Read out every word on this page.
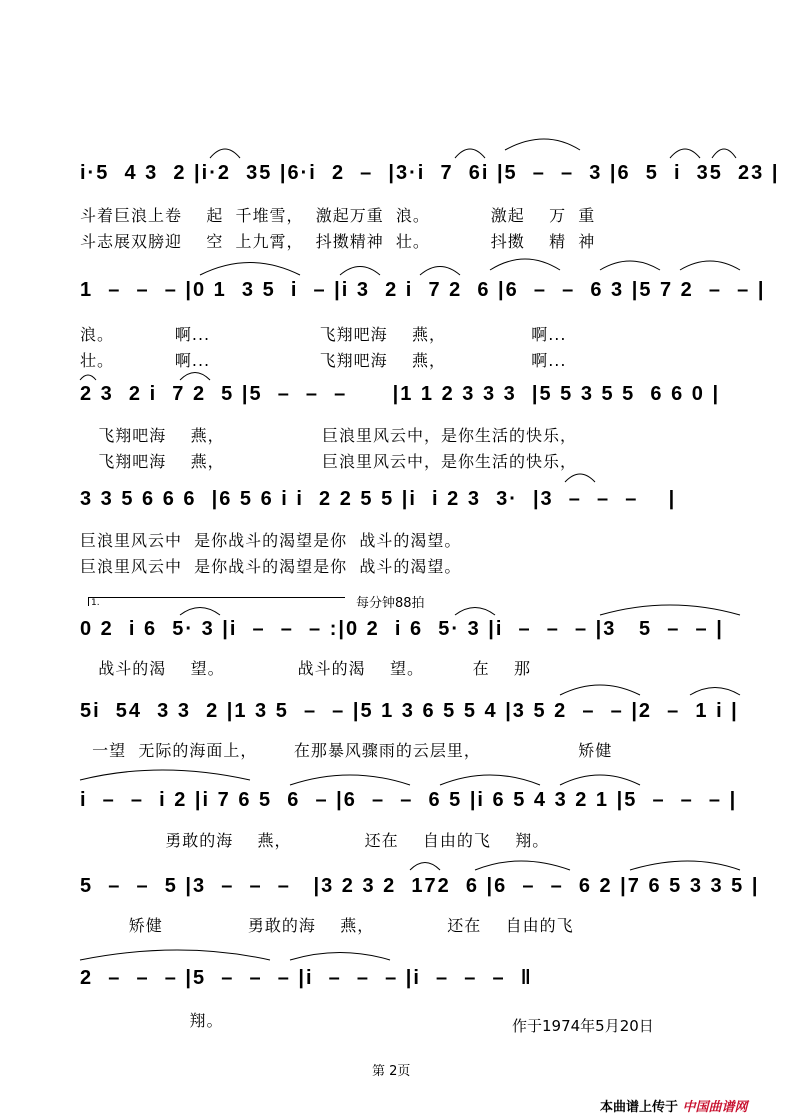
i·5  4 3  2 |i·2  35 |6·i  2  –  |3·i  7  6i |5  –  –  3 |6  5  i  35  23 |
斗着巨浪上卷    起  千堆雪，  激起万重  浪。          激起    万  重
斗志展双膀迎    空  上九霄，  抖擞精神  壮。          抖擞    精  神
1  –  –  – |0 1  3 5  i  – |i 3  2 i  7 2  6 |6  –  –  6 3 |5 7 2  –  – |
浪。          啊...                  飞翔吧海    燕，              啊...
壮。          啊...                  飞翔吧海    燕，              啊...
2 3  2 i  7 2  5 |5  –  –  –      |1 1 2 3 3 3  |5 5 3 5 5  6 6 0 |
飞翔吧海    燕，                巨浪里风云中，是你生活的快乐，
飞翔吧海    燕，                巨浪里风云中，是你生活的快乐，
3 3 5 6 6 6  |6 5 6 i i  2 2 5 5 |i  i 2 3  3·  |3  –  –  –    |
巨浪里风云中  是你战斗的渴望是你  战斗的渴望。
巨浪里风云中  是你战斗的渴望是你  战斗的渴望。
1.	每分钟88拍
0 2  i 6  5· 3 |i  –  –  – :|0 2  i 6  5· 3 |i  –  –  – |3   5  –  – |
战斗的渴    望。            战斗的渴    望。        在    那
5i  54  3 3  2 |1 3 5  –  – |5 1 3 6 5 5 4 |3 5 2  –  – |2  –  1 i |
一望  无际的海面上，      在那暴风骤雨的云层里，                矫健
i  –  –  i 2 |i 7 6 5  6  – |6  –  –  6 5 |i 6 5 4 3 2 1 |5  –  –  – |
勇敢的海    燕，            还在    自由的飞    翔。
5  –  –  5 |3  –  –  –   |3 2 3 2  172  6 |6  –  –  6 2 |7 6 5 3 3 5 |
矫健              勇敢的海    燕，            还在    自由的飞
2  –  –  – |5  –  –  – |i  –  –  – |i  –  –  –  ‖
翔。	作于1974年5月20日
第 2页
本曲谱上传于 中国曲谱网
